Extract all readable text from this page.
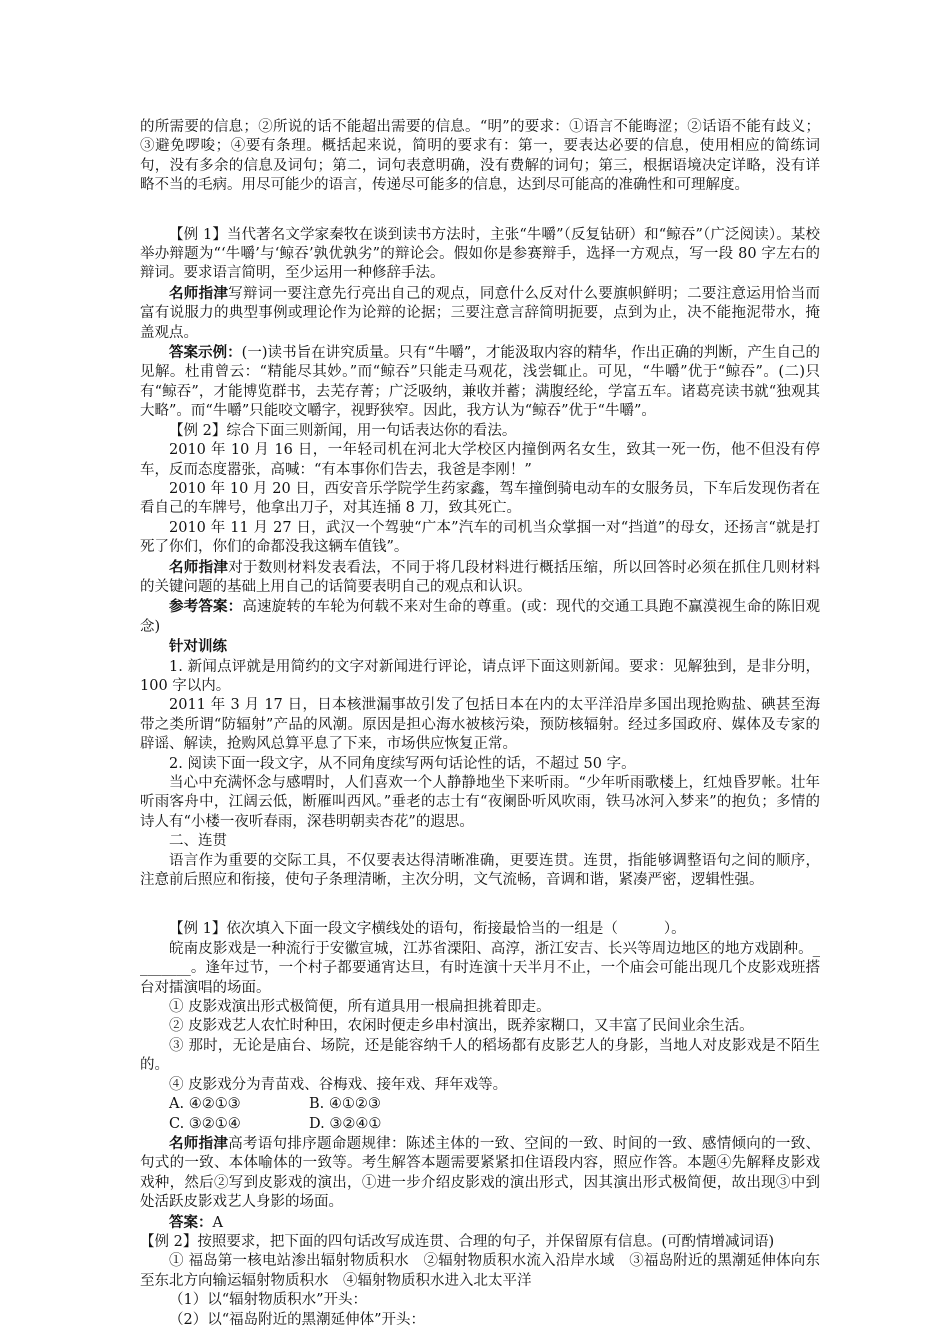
的所需要的信息；②所说的话不能超出需要的信息。“明”的要求：①语言不能晦涩；②话语不能有歧义；③避免啰唆；④要有条理。概括起来说，简明的要求有：第一，要表达必要的信息，使用相应的简练词句，没有多余的信息及词句；第二，词句表意明确，没有费解的词句；第三，根据语境决定详略，没有详略不当的毛病。用尽可能少的语言，传递尽可能多的信息，达到尽可能高的准确性和可理解度。

【例 1】当代著名文学家秦牧在谈到读书方法时，主张“牛嚼”（反复钻研）和“鲸吞”（广泛阅读）。某校举办辩题为“‘牛嚼’与‘鲸吞’孰优孰劣”的辩论会。假如你是参赛辩手，选择一方观点，写一段 80 字左右的辩词。要求语言简明，至少运用一种修辞手法。

名师指津写辩词一要注意先行亮出自己的观点，同意什么反对什么要旗帜鲜明；二要注意运用恰当而富有说服力的典型事例或理论作为论辩的论据；三要注意言辞简明扼要，点到为止，决不能拖泥带水，掩盖观点。

答案示例：(一)读书旨在讲究质量。只有“牛嚼”，才能汲取内容的精华，作出正确的判断，产生自己的见解。杜甫曾云：“精能尽其妙。”而“鲸吞”只能走马观花，浅尝辄止。可见，“牛嚼”优于“鲸吞”。(二)只有“鲸吞”，才能博览群书，去芜存菁；广泛吸纳，兼收并蓄；满腹经纶，学富五车。诸葛亮读书就“独观其大略”。而“牛嚼”只能咬文嚼字，视野狭窄。因此，我方认为“鲸吞”优于“牛嚼”。

【例 2】综合下面三则新闻，用一句话表达你的看法。

2010 年 10 月 16 日，一年轻司机在河北大学校区内撞倒两名女生，致其一死一伤，他不但没有停车，反而态度嚣张，高喊：“有本事你们告去，我爸是李刚！”

2010 年 10 月 20 日，西安音乐学院学生药家鑫，驾车撞倒骑电动车的女服务员，下车后发现伤者在看自己的车牌号，他拿出刀子，对其连捅 8 刀，致其死亡。

2010 年 11 月 27 日，武汉一个驾驶“广本”汽车的司机当众掌掴一对“挡道”的母女，还扬言“就是打死了你们，你们的命都没我这辆车值钱”。

名师指津对于数则材料发表看法，不同于将几段材料进行概括压缩，所以回答时必须在抓住几则材料的关键问题的基础上用自己的话简要表明自己的观点和认识。

参考答案：高速旋转的车轮为何载不来对生命的尊重。(或：现代的交通工具跑不赢漠视生命的陈旧观念)

针对训练

1. 新闻点评就是用简约的文字对新闻进行评论，请点评下面这则新闻。要求：见解独到，是非分明，100 字以内。

2011 年 3 月 17 日，日本核泄漏事故引发了包括日本在内的太平洋沿岸多国出现抢购盐、碘甚至海带之类所谓“防辐射”产品的风潮。原因是担心海水被核污染，预防核辐射。经过多国政府、媒体及专家的辟谣、解读，抢购风总算平息了下来，市场供应恢复正常。

2. 阅读下面一段文字，从不同角度续写两句话论性的话，不超过 50 字。

当心中充满怀念与感喟时，人们喜欢一个人静静地坐下来听雨。“少年听雨歌楼上，红烛昏罗帐。壮年听雨客舟中，江阔云低，断雁叫西风。”垂老的志士有“夜阑卧听风吹雨，铁马冰河入梦来”的抱负；多情的诗人有“小楼一夜听春雨，深巷明朝卖杏花”的遐思。

二、连贯

语言作为重要的交际工具，不仅要表达得清晰准确，更要连贯。连贯，指能够调整语句之间的顺序，注意前后照应和衔接，使句子条理清晰，主次分明，文气流畅，音调和谐，紧凑严密，逻辑性强。

【例 1】依次填入下面一段文字横线处的语句，衔接最恰当的一组是（	）。

皖南皮影戏是一种流行于安徽宣城，江苏省溧阳、高淳，浙江安吉、长兴等周边地区的地方戏剧种。________。逢年过节，一个村子都要通宵达旦，有时连演十天半月不止，一个庙会可能出现几个皮影戏班搭台对擂演唱的场面。

① 皮影戏演出形式极简便，所有道具用一根扁担挑着即走。

② 皮影戏艺人农忙时种田，农闲时便走乡串村演出，既养家糊口，又丰富了民间业余生活。

③ 那时，无论是庙台、场院，还是能容纳千人的稻场都有皮影艺人的身影，当地人对皮影戏是不陌生的。

④ 皮影戏分为青苗戏、谷梅戏、接年戏、拜年戏等。

A. ④②①③	B. ④①②③

C. ③②①④	D. ③②④①

名师指津高考语句排序题命题规律：陈述主体的一致、空间的一致、时间的一致、感情倾向的一致、句式的一致、本体喻体的一致等。考生解答本题需要紧紧扣住语段内容，照应作答。本题④先解释皮影戏戏种，然后②写到皮影戏的演出，①进一步介绍皮影戏的演出形式，因其演出形式极简便，故出现③中到处活跃皮影戏艺人身影的场面。

答案：A

【例 2】按照要求，把下面的四句话改写成连贯、合理的句子，并保留原有信息。(可酌情增减词语)

① 福岛第一核电站渗出辐射物质积水　②辐射物质积水流入沿岸水域　③福岛附近的黑潮延伸体向东至东北方向输运辐射物质积水　④辐射物质积水进入北太平洋

（1）以“辐射物质积水”开头：

（2）以“福岛附近的黑潮延伸体”开头：
